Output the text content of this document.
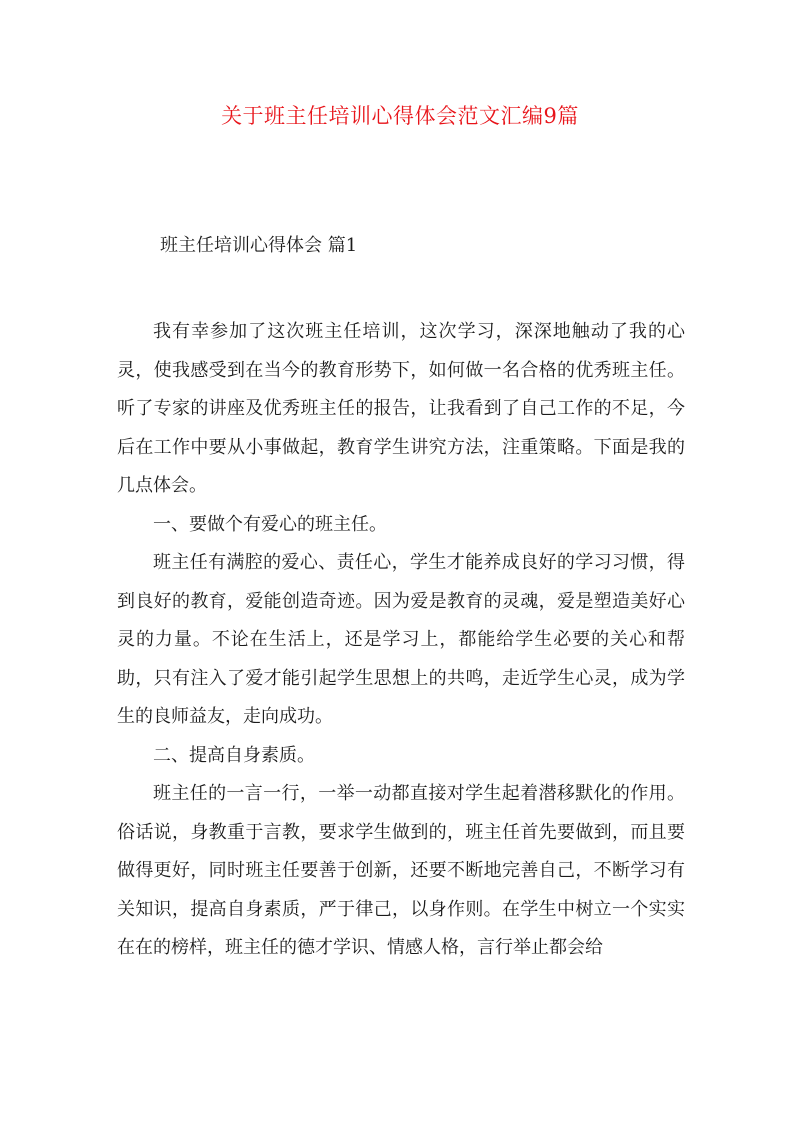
关于班主任培训心得体会范文汇编9篇
班主任培训心得体会 篇1

我有幸参加了这次班主任培训，这次学习，深深地触动了我的心灵，使我感受到在当今的教育形势下，如何做一名合格的优秀班主任。听了专家的讲座及优秀班主任的报告，让我看到了自己工作的不足，今后在工作中要从小事做起，教育学生讲究方法，注重策略。下面是我的几点体会。

一、要做个有爱心的班主任。

班主任有满腔的爱心、责任心，学生才能养成良好的学习习惯，得到良好的教育，爱能创造奇迹。因为爱是教育的灵魂，爱是塑造美好心灵的力量。不论在生活上，还是学习上，都能给学生必要的关心和帮助，只有注入了爱才能引起学生思想上的共鸣，走近学生心灵，成为学生的良师益友，走向成功。

二、提高自身素质。

班主任的一言一行，一举一动都直接对学生起着潜移默化的作用。俗话说，身教重于言教，要求学生做到的，班主任首先要做到，而且要做得更好，同时班主任要善于创新，还要不断地完善自己，不断学习有关知识，提高自身素质，严于律己，以身作则。在学生中树立一个实实在在的榜样，班主任的德才学识、情感人格，言行举止都会给
